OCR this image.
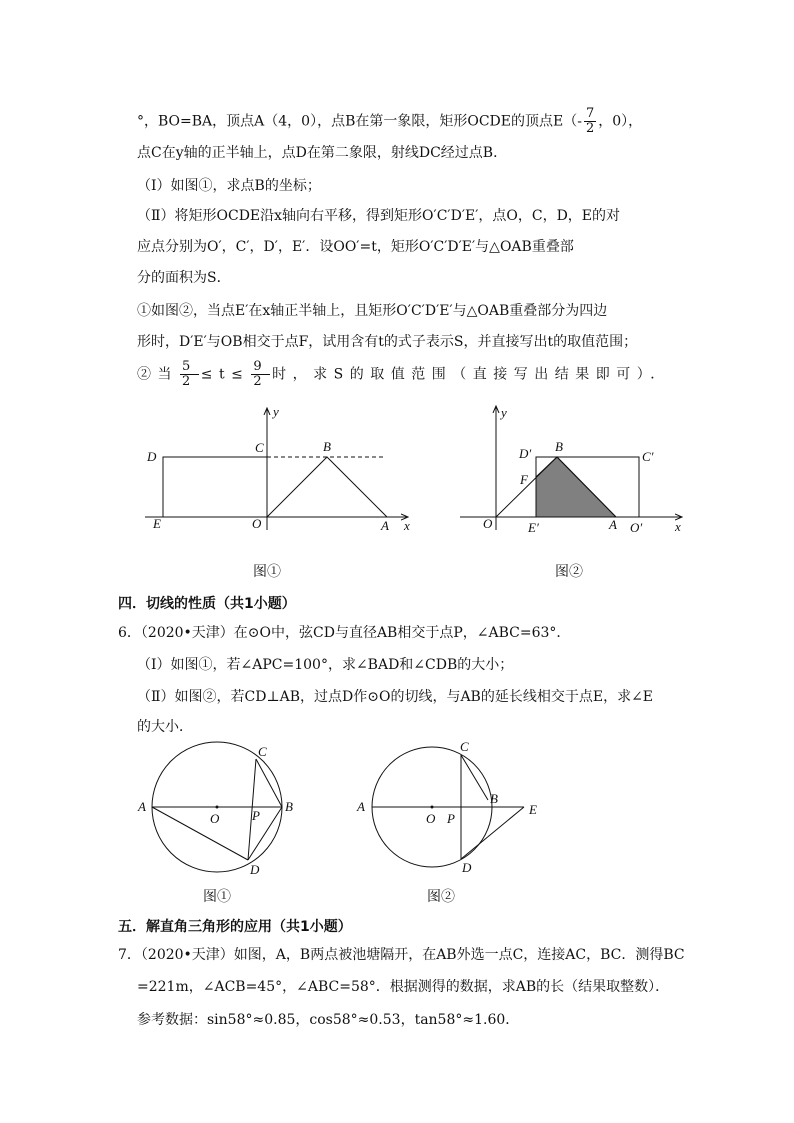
°，BO=BA，顶点A（4，0），点B在第一象限，矩形OCDE的顶点$E(- \frac{7}{2}$ ，0），
点C在y轴的正半轴上，点D在第二象限，射线DC经过点B．
（Ⅰ）如图①，求点B的坐标；
（Ⅱ）将矩形OCDE沿x轴向右平移，得到矩形O′C′D′E′，点O，C，D，E的对
应点分别为O′，C′，D′，E′．设OO′=t，矩形O′C′D′E′与△OAB重叠部
分的面积为S．
①如图②，当点E′在x轴正半轴上，且矩形O′C′D′E′与△OAB重叠部分为四边
形时，D′E′与OB相交于点F，试用含有t的式子表示S，并直接写出t的取值范围；
②当 $\frac{5}{2} \le t\le \frac{9}{2}$ 时，求S的取值范围（直接写出结果即可）．
y
x
C	B
D
E	O	A
图①
y
x
D′ B
C′
F
O	E′	A O′
图②
四．切线的性质（共1小题）
6．（2020•天津）在⊙O中，弦CD与直径AB相交于点P，∠ABC=63°．
（Ⅰ）如图①，若∠APC=100°，求∠BAD和∠CDB的大小；
（Ⅱ）如图②，若CD⊥AB，过点D作⊙O的切线，与AB的延长线相交于点E，求∠E
的大小．
A
O	P
B
C
D
图①
A
O P
B
C
D
E
图②
五．解直角三角形的应用（共1小题）
7．（2020•天津）如图，A，B两点被池塘隔开，在AB外选一点C，连接AC，BC．测得BC
=221m，∠ACB=45°，∠ABC=58°．根据测得的数据，求AB的长（结果取整数）．
参考数据：sin58°≈0.85，cos58°≈0.53，tan58°≈1.60．
